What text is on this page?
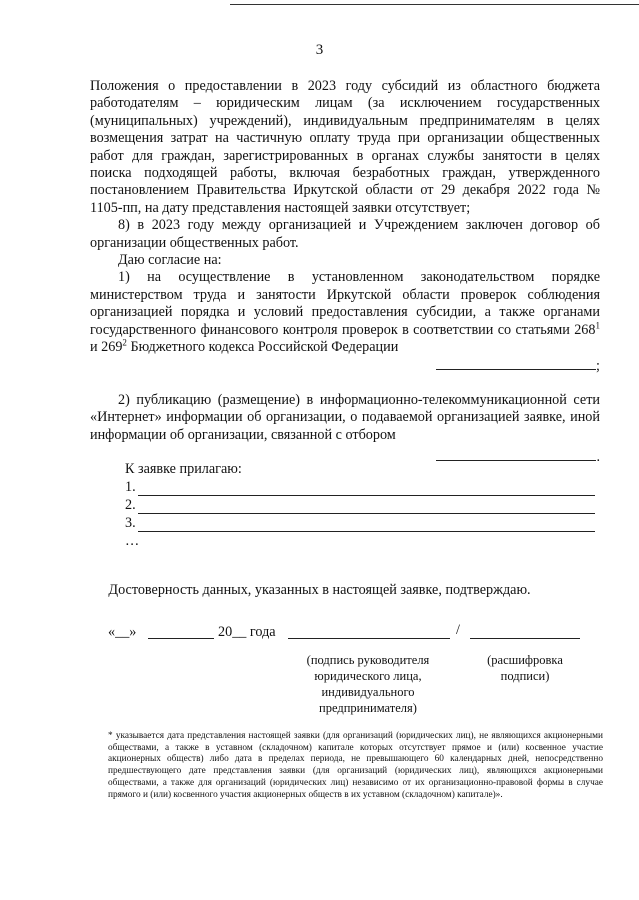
3

Положения о предоставлении в 2023 году субсидий из областного бюджета работодателям – юридическим лицам (за исключением государственных (муниципальных) учреждений), индивидуальным предпринимателям в целях возмещения затрат на частичную оплату труда при организации общественных работ для граждан, зарегистрированных в органах службы занятости в целях поиска подходящей работы, включая безработных граждан, утвержденного постановлением Правительства Иркутской области от 29 декабря 2022 года № 1105-пп, на дату представления настоящей заявки отсутствует;

8) в 2023 году между организацией и Учреждением заключен договор об организации общественных работ.

Даю согласие на:

1) на осуществление в установленном законодательством порядке министерством труда и занятости Иркутской области проверок соблюдения организацией порядка и условий предоставления субсидии, а также органами государственного финансового контроля проверок в соответствии со статьями $268^1$ и $269^2$ Бюджетного кодекса Российской Федерации

;

2) публикацию (размещение) в информационно-телекоммуникационной сети «Интернет» информации об организации, о подаваемой организацией заявке, иной информации об организации, связанной с отбором

.

К заявке прилагаю:
1.
2.
3.
…
Достоверность данных, указанных в настоящей заявке, подтверждаю.
«__»	20__ года	/
(подпись руководителя юридического лица, индивидуального предпринимателя)
(расшифровка подписи)
* указывается дата представления настоящей заявки (для организаций (юридических лиц), не являющихся акционерными обществами, а также в уставном (складочном) капитале которых отсутствует прямое и (или) косвенное участие акционерных обществ) либо дата в пределах периода, не превышающего 60 календарных дней, непосредственно предшествующего дате представления заявки (для организаций (юридических лиц), являющихся акционерными обществами, а также для организаций (юридических лиц) независимо от их организационно-правовой формы в случае прямого и (или) косвенного участия акционерных обществ в их уставном (складочном) капитале)».
